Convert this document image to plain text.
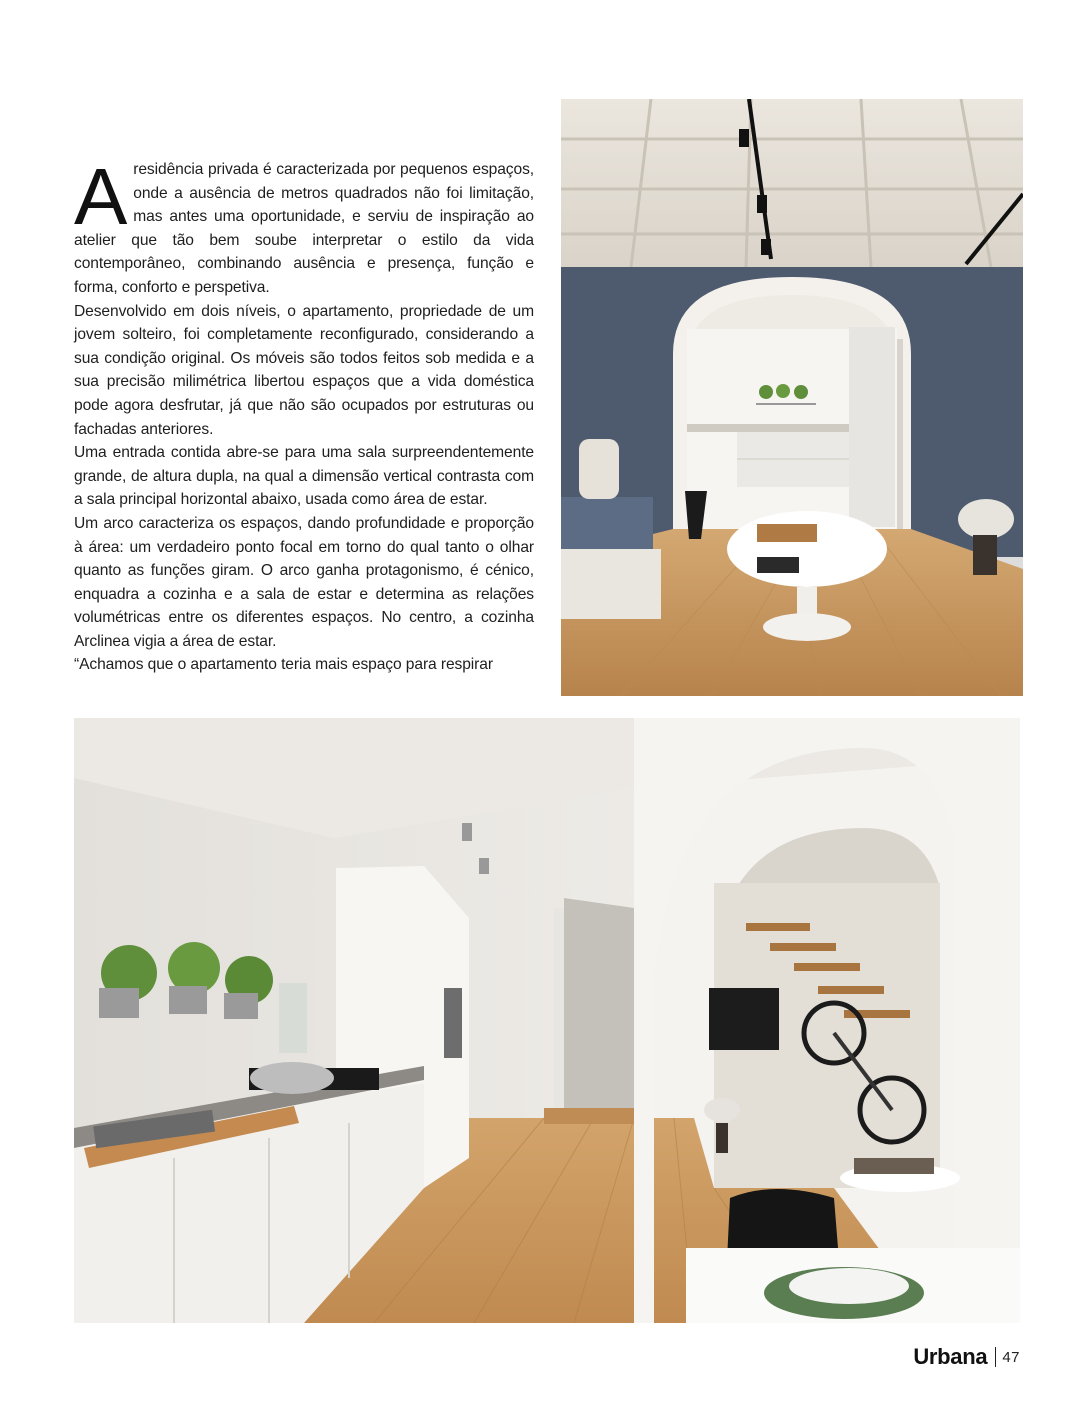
A residência privada é caracterizada por pequenos espaços, onde a ausência de metros quadrados não foi limitação, mas antes uma oportunidade, e serviu de inspiração ao atelier que tão bem soube interpretar o estilo da vida contemporâneo, combinando ausência e presença, função e forma, conforto e perspetiva.

Desenvolvido em dois níveis, o apartamento, propriedade de um jovem solteiro, foi completamente reconfigurado, considerando a sua condição original. Os móveis são todos feitos sob medida e a sua precisão milimétrica libertou espaços que a vida doméstica pode agora desfrutar, já que não são ocupados por estruturas ou fachadas anteriores.

Uma entrada contida abre-se para uma sala surpreendentemente grande, de altura dupla, na qual a dimensão vertical contrasta com a sala principal horizontal abaixo, usada como área de estar.

Um arco caracteriza os espaços, dando profundidade e proporção à área: um verdadeiro ponto focal em torno do qual tanto o olhar quanto as funções giram. O arco ganha protagonismo, é cénico, enquadra a cozinha e a sala de estar e determina as relações volumétricas entre os diferentes espaços. No centro, a cozinha Arclinea vigia a área de estar.

“Achamos que o apartamento teria mais espaço para respirar

Urbana 47
